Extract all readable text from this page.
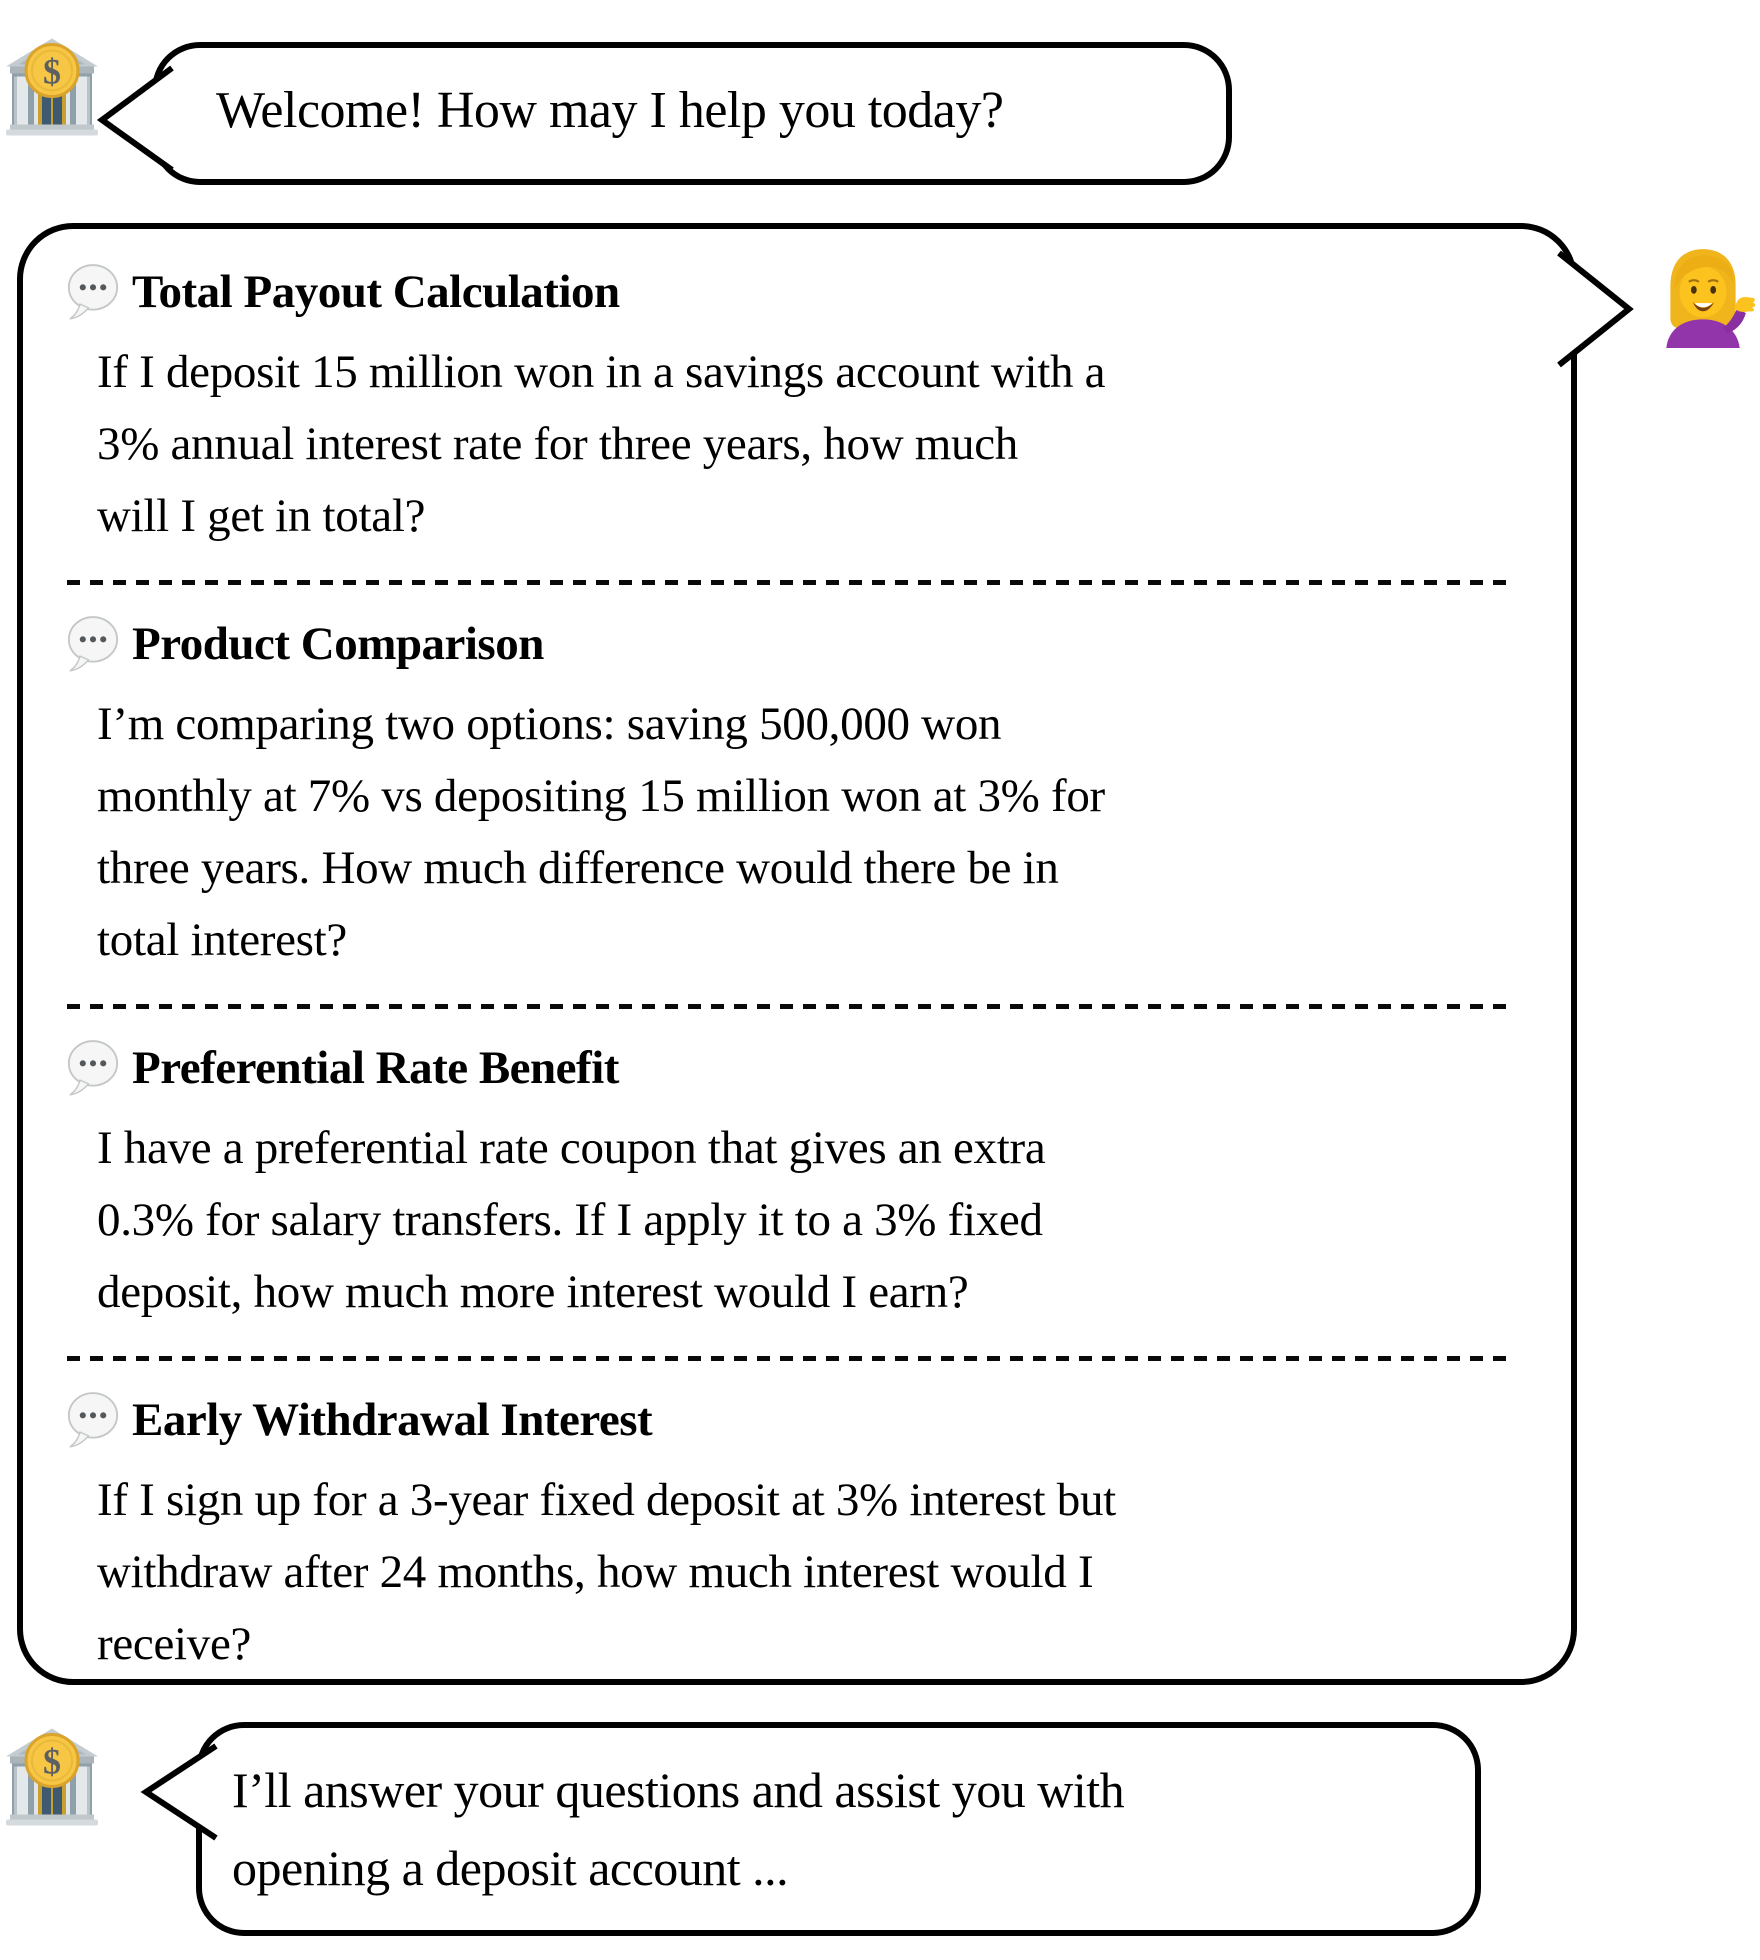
$
Welcome! How may I help you today?
Total Payout Calculation
If I deposit 15 million won in a savings account with a
3% annual interest rate for three years, how much
will I get in total?
Product Comparison
I’m comparing two options: saving 500,000 won
monthly at 7% vs depositing 15 million won at 3% for
three years. How much difference would there be in
total interest?
Preferential Rate Benefit
I have a preferential rate coupon that gives an extra
0.3% for salary transfers. If I apply it to a 3% fixed
deposit, how much more interest would I earn?
Early Withdrawal Interest
If I sign up for a 3-year fixed deposit at 3% interest but
withdraw after 24 months, how much interest would I
receive?
$
I’ll answer your questions and assist you with
opening a deposit account ...
